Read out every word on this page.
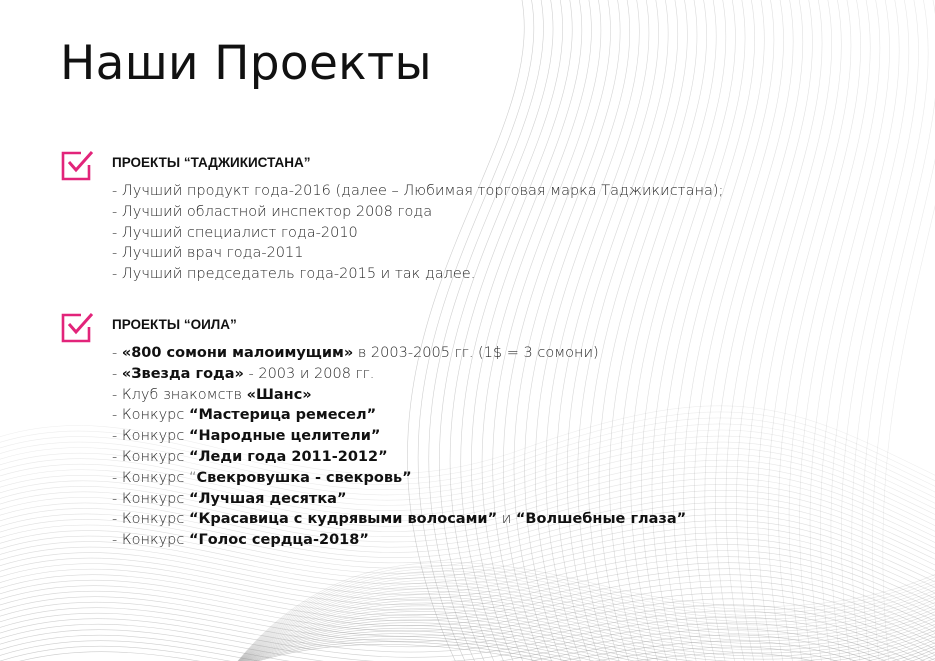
Наши Проекты
ПРОЕКТЫ “ТАДЖИКИСТАНА”
- Лучший продукт года-2016 (далее – Любимая торговая марка Таджикистана);
- Лучший областной инспектор 2008 года
- Лучший специалист года-2010
- Лучший врач года-2011
- Лучший председатель года-2015 и так далее.
ПРОЕКТЫ “ОИЛА”
- «800 сомони малоимущим» в 2003-2005 гг. (1$ = 3 сомони)
- «Звезда года» - 2003 и 2008 гг.
- Клуб знакомств «Шанс»
- Конкурс “Мастерица ремесел”
- Конкурс “Народные целители”
- Конкурс “Леди года 2011-2012”
- Конкурс “Свекровушка - свекровь”
- Конкурс “Лучшая десятка”
- Конкурс “Красавица с кудрявыми волосами” и “Волшебные глаза”
- Конкурс “Голос сердца-2018”
